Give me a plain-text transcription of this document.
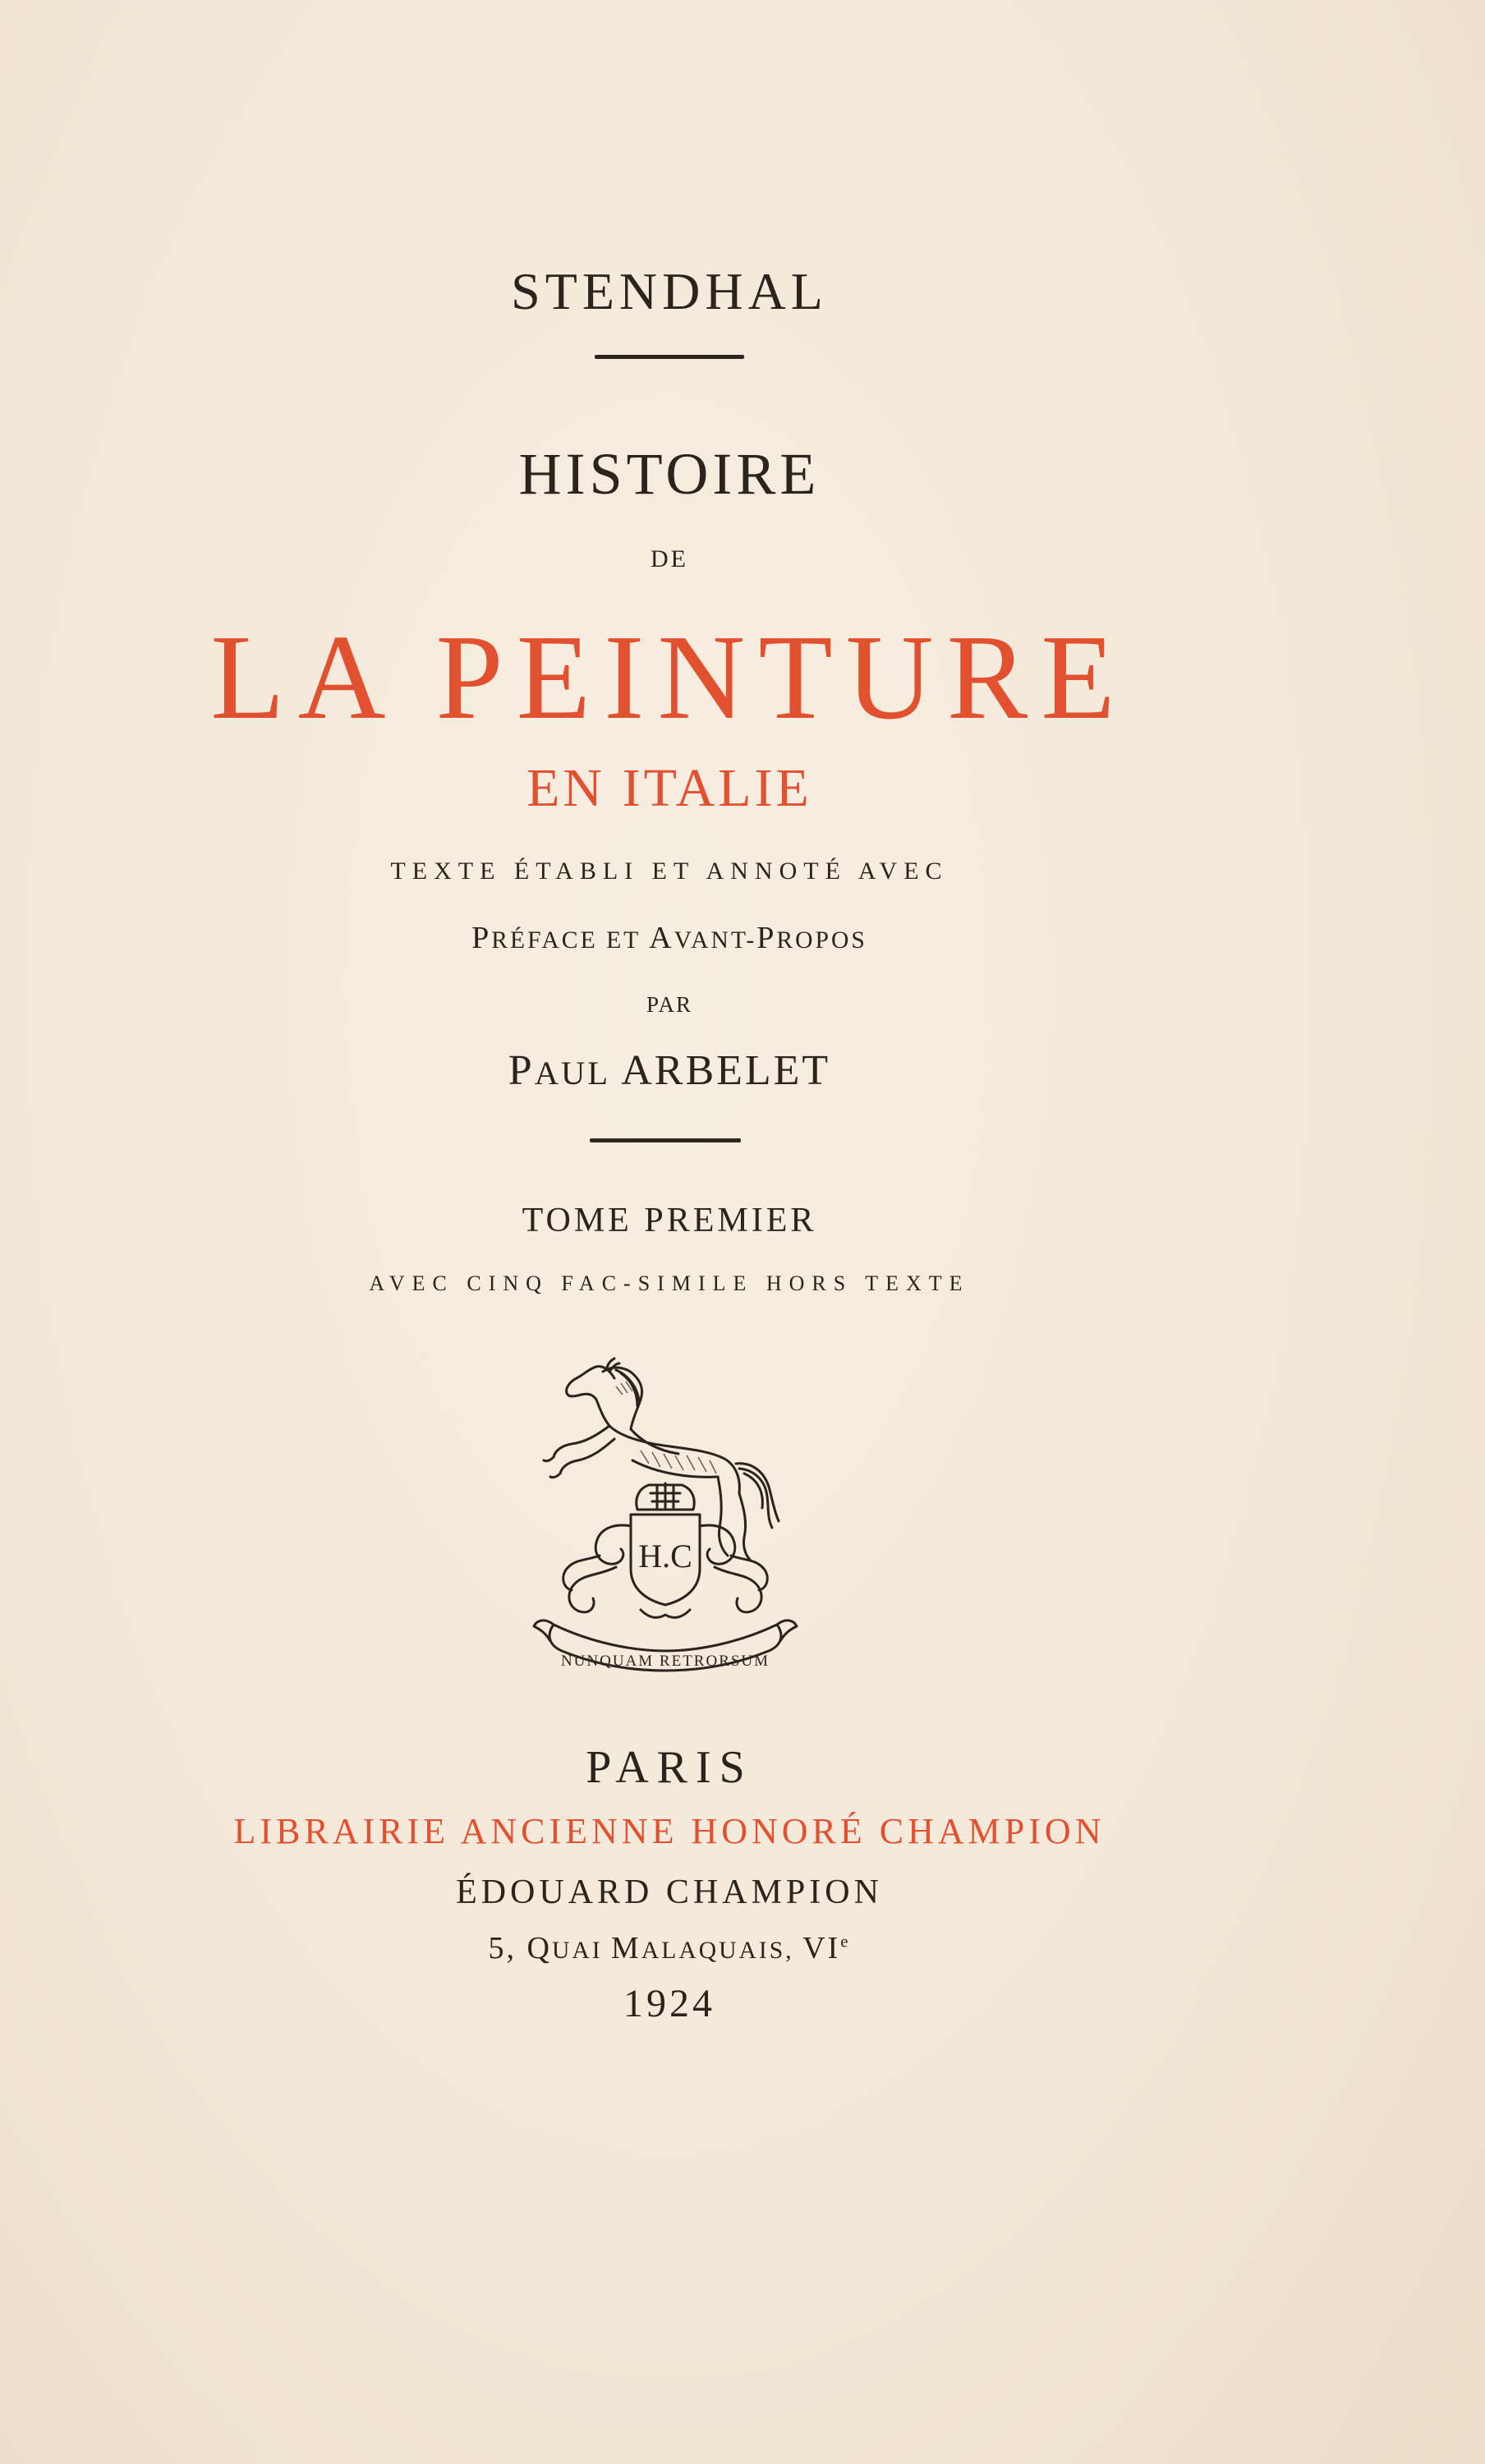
STENDHAL
HISTOIRE
DE
LA PEINTURE
EN ITALIE
TEXTE ÉTABLI ET ANNOTÉ AVEC
PRÉFACE ET AVANT-PROPOS
PAR
PAUL ARBELET
TOME PREMIER
AVEC CINQ FAC-SIMILE HORS TEXTE
H.C
NUNQUAM RETRORSUM
PARIS
LIBRAIRIE ANCIENNE HONORÉ CHAMPION
ÉDOUARD CHAMPION
5, QUAI MALAQUAIS, VIe
1924
